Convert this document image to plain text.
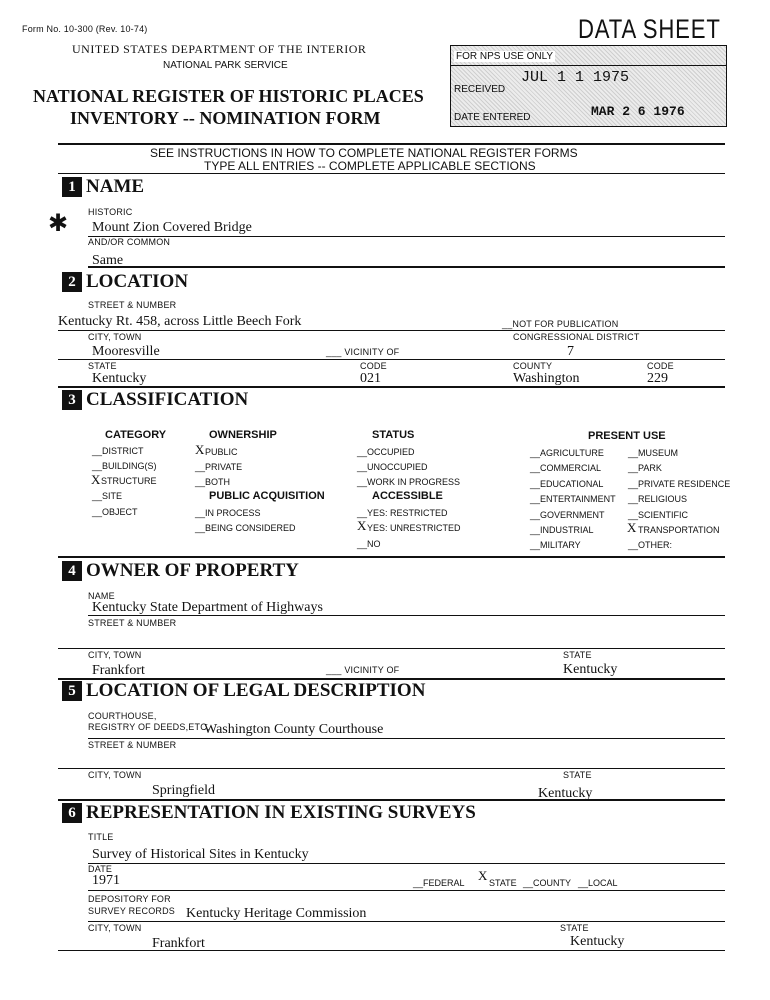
Form No. 10-300 (Rev. 10-74)
UNITED STATES DEPARTMENT OF THE INTERIOR
NATIONAL PARK SERVICE
NATIONAL REGISTER OF HISTORIC PLACES
INVENTORY -- NOMINATION FORM
DATA SHEET
FOR NPS USE ONLY
RECEIVED
JUL 1 1 1975
DATE ENTERED	MAR 2 6 1976
SEE INSTRUCTIONS IN HOW TO COMPLETE NATIONAL REGISTER FORMS
TYPE ALL ENTRIES -- COMPLETE APPLICABLE SECTIONS
1 NAME
HISTORIC
✱ Mount Zion Covered Bridge
AND/OR COMMON
Same
2 LOCATION
STREET & NUMBER
Kentucky Rt. 458, across Little Beech Fork	__NOT FOR PUBLICATION
CITY, TOWN	CONGRESSIONAL DISTRICT
Mooresville	___ VICINITY OF	7
STATE	CODE	COUNTY	CODE
Kentucky	021	Washington	229
3 CLASSIFICATION
CATEGORY
__DISTRICT
__BUILDING(S)
X STRUCTURE
__SITE
__OBJECT
OWNERSHIP
X PUBLIC
__PRIVATE
__BOTH
PUBLIC ACQUISITION
__IN PROCESS
__BEING CONSIDERED
STATUS
__OCCUPIED
__UNOCCUPIED
__WORK IN PROGRESS
ACCESSIBLE
__YES: RESTRICTED
X YES: UNRESTRICTED
__NO
PRESENT USE
__AGRICULTURE
__COMMERCIAL
__EDUCATIONAL
__ENTERTAINMENT
__GOVERNMENT
__INDUSTRIAL
__MILITARY
__MUSEUM
__PARK
__PRIVATE RESIDENCE
__RELIGIOUS
__SCIENTIFIC
X TRANSPORTATION
__OTHER:
4 OWNER OF PROPERTY
NAME
Kentucky State Department of Highways
STREET & NUMBER
CITY, TOWN	STATE
Frankfort	___ VICINITY OF	Kentucky
5 LOCATION OF LEGAL DESCRIPTION
COURTHOUSE,
REGISTRY OF DEEDS,ETC.
Washington County Courthouse
STREET & NUMBER
CITY, TOWN	STATE
Springfield	Kentucky
6 REPRESENTATION IN EXISTING SURVEYS
TITLE
Survey of Historical Sites in Kentucky
DATE
1971	__FEDERAL X STATE __COUNTY __LOCAL
DEPOSITORY FOR
SURVEY RECORDS Kentucky Heritage Commission
CITY, TOWN	STATE
Frankfort	Kentucky
